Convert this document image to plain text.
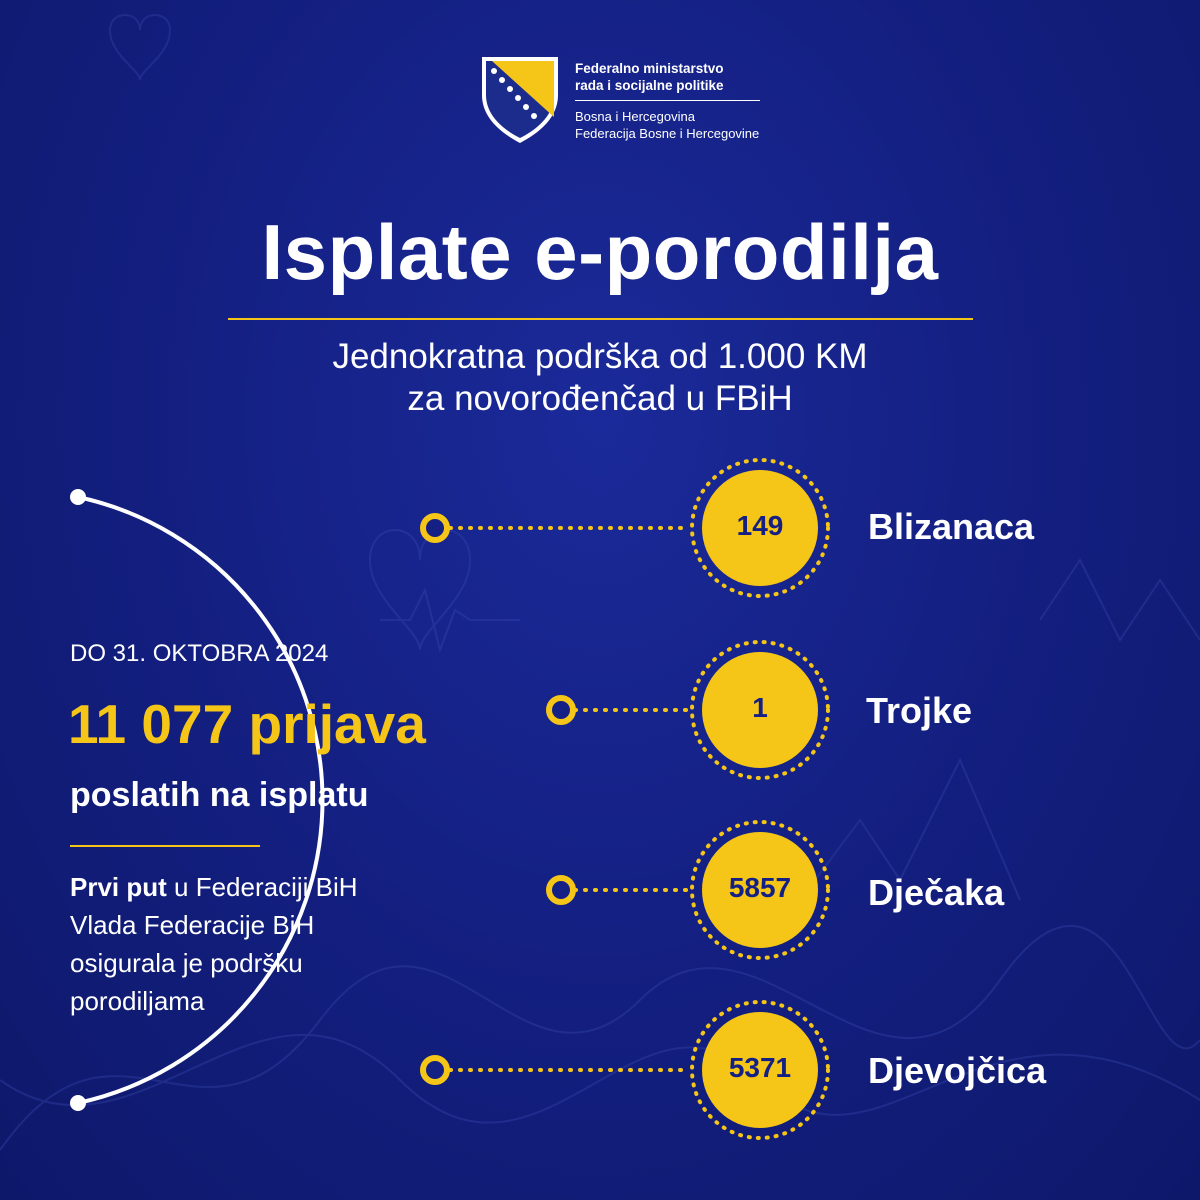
Federalno ministarstvo
rada i socijalne politike
Bosna i Hercegovina
Federacija Bosne i Hercegovine
Isplate e-porodilja
Jednokratna podrška od 1.000 KM
za novorođenčad u FBiH
DO 31. OKTOBRA 2024
11 077 prijava
poslatih na isplatu
Prvi put u Federaciji BiH
Vlada Federacije BiH
osigurala je podršku
porodiljama
149	Blizanaca
1	Trojke
5857	Dječaka
5371	Djevojčica
